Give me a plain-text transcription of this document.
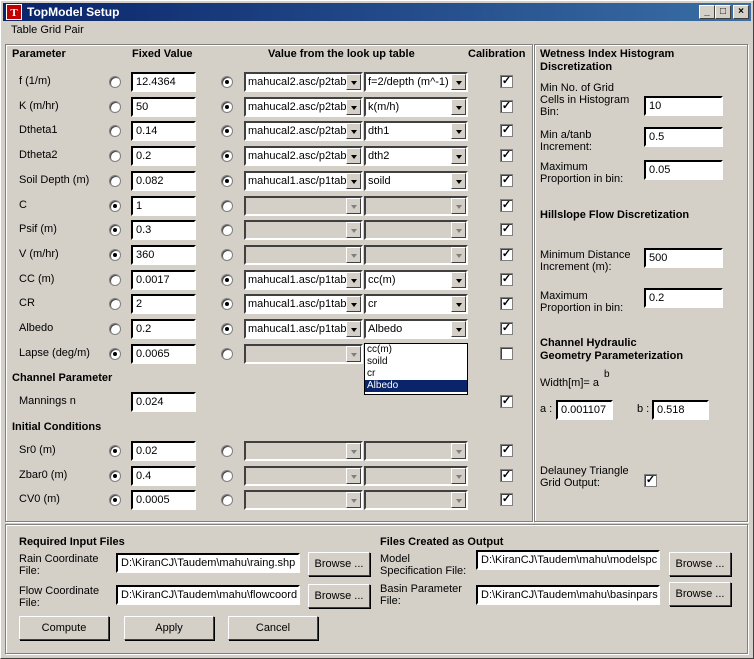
T TopModel Setup	_	□	×
Table Grid Pair
Parameter	Fixed Value	Value from the look up table	Calibration
f (1/m)	12.4364	mahucal2.asc/p2tab f=2/depth (m^-1)	✓
K (m/hr)	50	mahucal2.asc/p2tab k(m/h)	✓
Dtheta1	0.14	mahucal2.asc/p2tab dth1	✓
Dtheta2	0.2	mahucal2.asc/p2tab dth2	✓
Soil Depth (m)	0.082	mahucal1.asc/p1tab soild	✓
C	1	✓
Psif (m)	0.3	✓
V (m/hr)	360	✓
CC (m)	0.0017	mahucal1.asc/p1tab cc(m)	✓
CR	2	mahucal1.asc/p1tab cr	✓
Albedo	0.2	mahucal1.asc/p1tab Albedo	✓
Lapse (deg/m)	0.0065	cc(m)
soild
cr
Albedo
Channel Parameter
Mannings n	0.024	✓
Initial Conditions
Sr0 (m)	0.02	✓
Zbar0 (m)	0.4	✓
CV0 (m)	0.0005	✓
Wetness Index Histogram
Discretization
Min No. of Grid Cells in Histogram Bin:	10
Min a/tanb Increment:
0.5
Maximum Proportion in bin:
0.05
Hillslope Flow Discretization
Minimum Distance Increment (m):
500
Maximum Proportion in bin:
0.2
Channel Hydraulic
Geometry Parameterization
Width[m]= a
b
a : 0.001107	b : 0.518
Delauney Triangle Grid Output:	✓
Required Input Files
Rain Coordinate File:
D:\KiranCJ\Taudem\mahu\raing.shp	Browse ...
Flow Coordinate File:
D:\KiranCJ\Taudem\mahu\flowcoord	Browse ...
Files Created as Output
Model Specification File:
D:\KiranCJ\Taudem\mahu\modelspc	Browse ...
Basin Parameter File:	D:\KiranCJ\Taudem\mahu\basinpars	Browse ...
Compute	Apply	Cancel
